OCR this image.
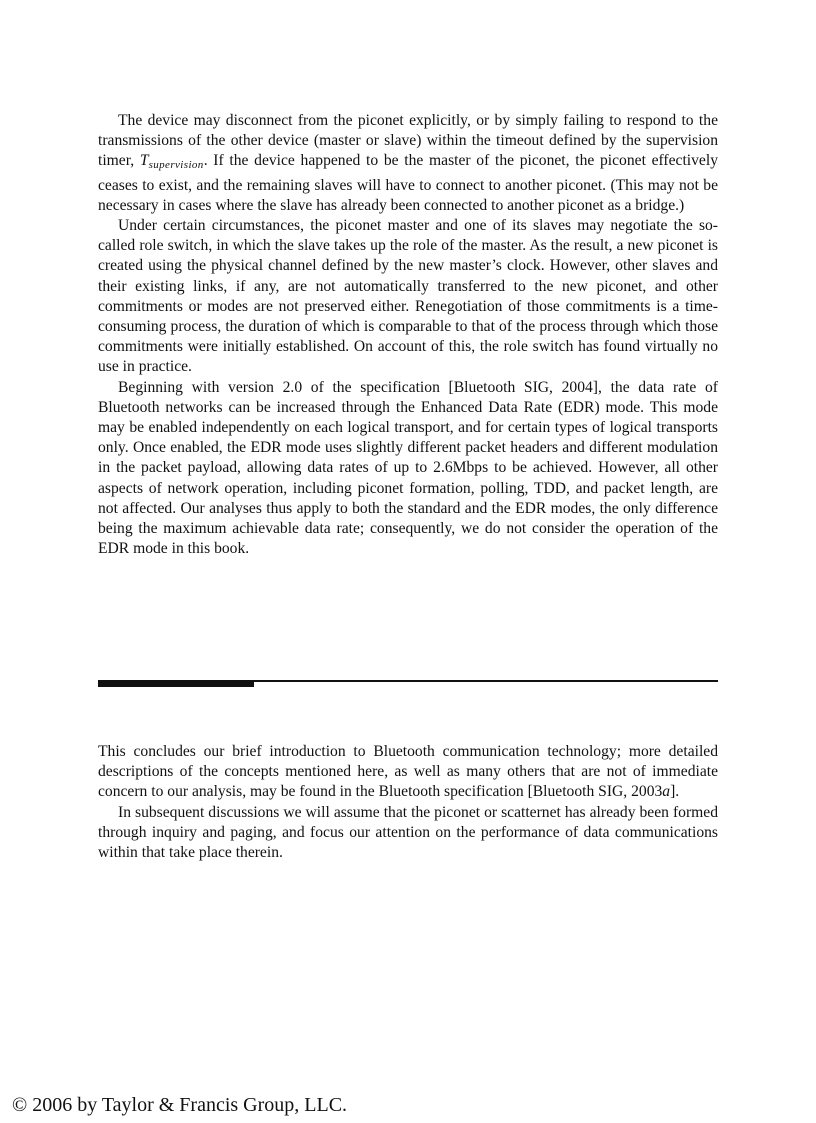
The device may disconnect from the piconet explicitly, or by simply failing to respond to the transmissions of the other device (master or slave) within the timeout defined by the supervision timer, Tsupervision. If the device happened to be the master of the piconet, the piconet effectively ceases to exist, and the remaining slaves will have to connect to another piconet. (This may not be necessary in cases where the slave has already been connected to another piconet as a bridge.)

Under certain circumstances, the piconet master and one of its slaves may negotiate the so-called role switch, in which the slave takes up the role of the master. As the result, a new piconet is created using the physical channel defined by the new master’s clock. However, other slaves and their existing links, if any, are not automatically transferred to the new piconet, and other commitments or modes are not preserved either. Renegotiation of those commitments is a time-consuming process, the duration of which is comparable to that of the process through which those commitments were initially established. On account of this, the role switch has found virtually no use in practice.

Beginning with version 2.0 of the specification [Bluetooth SIG, 2004], the data rate of Bluetooth networks can be increased through the Enhanced Data Rate (EDR) mode. This mode may be enabled independently on each logical transport, and for certain types of logical transports only. Once enabled, the EDR mode uses slightly different packet headers and different modulation in the packet payload, allowing data rates of up to 2.6Mbps to be achieved. However, all other aspects of network operation, including piconet formation, polling, TDD, and packet length, are not affected. Our analyses thus apply to both the standard and the EDR modes, the only difference being the maximum achievable data rate; consequently, we do not consider the operation of the EDR mode in this book.

This concludes our brief introduction to Bluetooth communication technology; more detailed descriptions of the concepts mentioned here, as well as many others that are not of immediate concern to our analysis, may be found in the Bluetooth specification [Bluetooth SIG, 2003a].

In subsequent discussions we will assume that the piconet or scatternet has already been formed through inquiry and paging, and focus our attention on the performance of data communications within that take place therein.

© 2006 by Taylor & Francis Group, LLC.
